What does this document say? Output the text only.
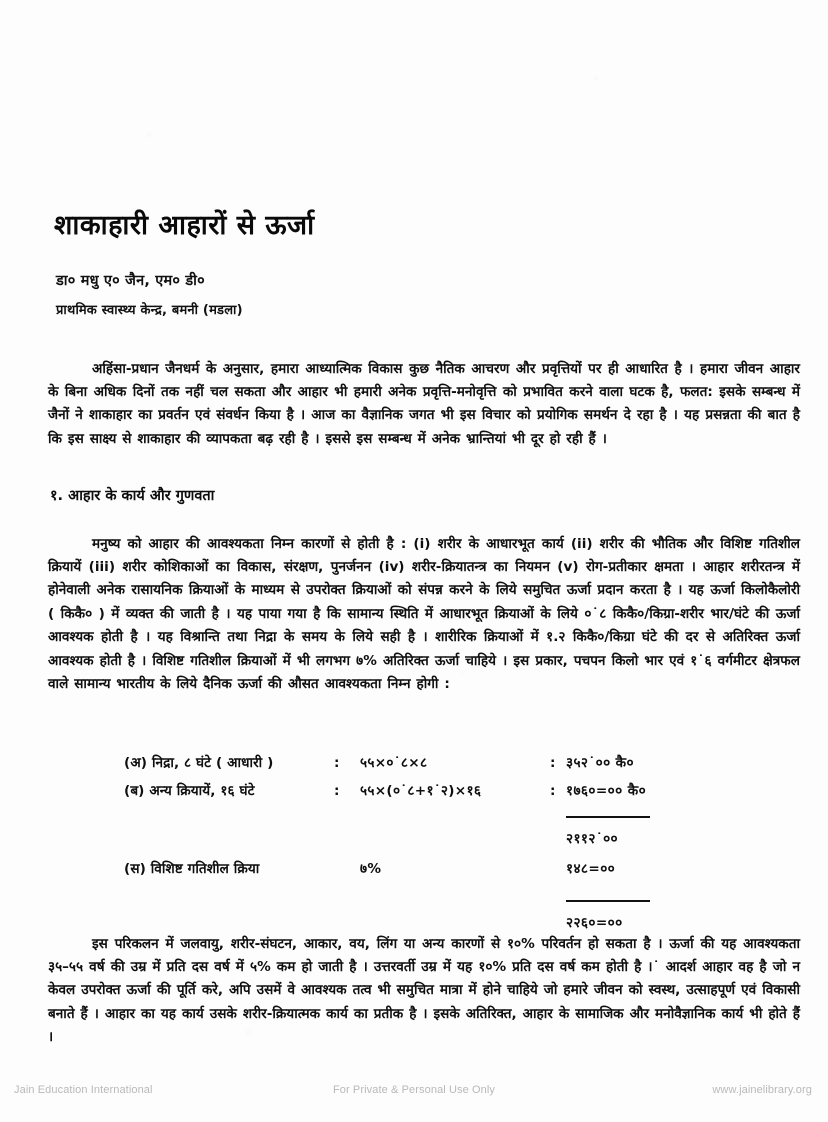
शाकाहारी आहारों से ऊर्जा
डा० मधु ए० जैन, एम० डी०
प्राथमिक स्वास्थ्य केन्द्र, बमनी (मडला)

अहिंसा-प्रधान जैनधर्म के अनुसार, हमारा आध्यात्मिक विकास कुछ नैतिक आचरण और प्रवृत्तियों पर ही आधारित है । हमारा जीवन आहार के बिना अधिक दिनों तक नहीं चल सकता और आहार भी हमारी अनेक प्रवृत्ति-मनोवृत्ति को प्रभावित करने वाला घटक है, फलत: इसके सम्बन्ध में जैनों ने शाकाहार का प्रवर्तन एवं संवर्धन किया है । आज का वैज्ञानिक जगत भी इस विचार को प्रयोगिक समर्थन दे रहा है । यह प्रसन्नता की बात है कि इस साक्ष्य से शाकाहार की व्यापकता बढ़ रही है । इससे इस सम्बन्ध में अनेक भ्रान्तियां भी दूर हो रही हैं ।

१. आहार के कार्य और गुणवता

मनुष्य को आहार की आवश्यकता निम्न कारणों से होती है : (i) शरीर के आधारभूत कार्य (ii) शरीर की भौतिक और विशिष्ट गतिशील क्रियायें (iii) शरीर कोशिकाओं का विकास, संरक्षण, पुनर्जनन (iv) शरीर-क्रियातन्त्र का नियमन (v) रोग-प्रतीकार क्षमता । आहार शरीरतन्त्र में होनेवाली अनेक रासायनिक क्रियाओं के माध्यम से उपरोक्त क्रियाओं को संपन्न करने के लिये समुचित ऊर्जा प्रदान करता है । यह ऊर्जा किलोकैलोरी ( किकै० ) में व्यक्त की जाती है । यह पाया गया है कि सामान्य स्थिति में आधारभूत क्रियाओं के लिये ०˙८ किकै०/किग्रा-शरीर भार/घंटे की ऊर्जा आवश्यक होती है । यह विश्रान्ति तथा निद्रा के समय के लिये सही है । शारीरिक क्रियाओं में १.२ किकै०/किग्रा घंटे की दर से अतिरिक्त ऊर्जा आवश्यक होती है । विशिष्ट गतिशील क्रियाओं में भी लगभग ७% अतिरिक्त ऊर्जा चाहिये । इस प्रकार, पचपन किलो भार एवं १˙६ वर्गमीटर क्षेत्रफल वाले सामान्य भारतीय के लिये दैनिक ऊर्जा की औसत आवश्यकता निम्न होगी :

(अ) निद्रा, ८ घंटे ( आधारी )	:	५५×०˙८×८	: ३५२˙०० कै०
(ब) अन्य क्रियायें, १६ घंटे	:	५५×(०˙८+१˙२)×१६	: १७६०=०० कै०
२११२˙००
(स) विशिष्ट गतिशील क्रिया	७%	१४८=००
२२६०=००

इस परिकलन में जलवायु, शरीर-संघटन, आकार, वय, लिंग या अन्य कारणों से १०% परिवर्तन हो सकता है । ऊर्जा की यह आवश्यकता ३५–५५ वर्ष की उम्र में प्रति दस वर्ष में ५% कम हो जाती है । उत्तरवर्ती उम्र में यह १०% प्रति दस वर्ष कम होती है ।˙ आदर्श आहार वह है जो न केवल उपरोक्त ऊर्जा की पूर्ति करे, अपि उसमें वे आवश्यक तत्व भी समुचित मात्रा में होने चाहिये जो हमारे जीवन को स्वस्थ, उत्साहपूर्ण एवं विकासी बनाते हैं । आहार का यह कार्य उसके शरीर-क्रियात्मक कार्य का प्रतीक है । इसके अतिरिक्त, आहार के सामाजिक और मनोवैज्ञानिक कार्य भी होते हैं ।

Jain Education International	For Private & Personal Use Only	www.jainelibrary.org
